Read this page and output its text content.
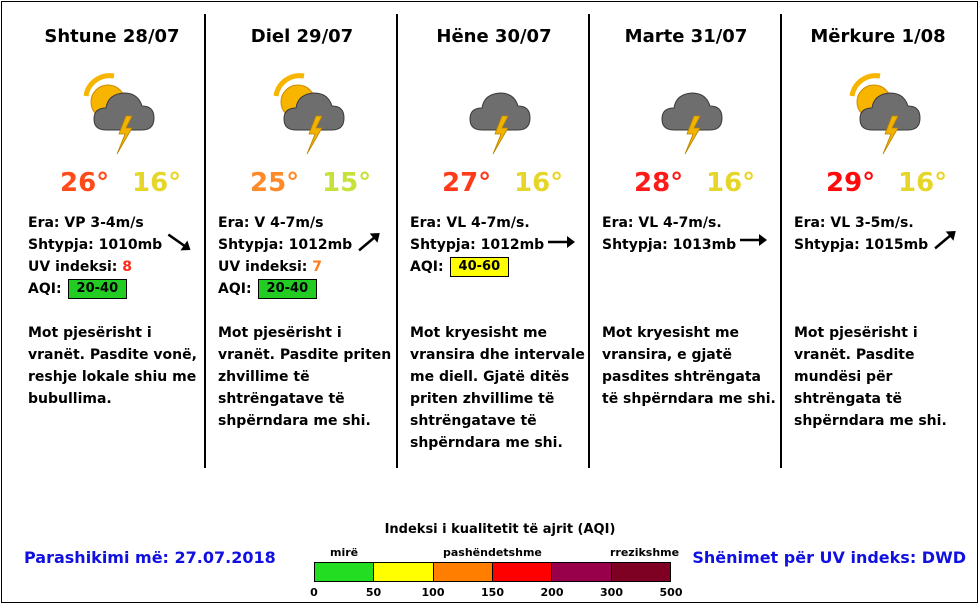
Shtune 28/07
26° 16°
Era: VP 3-4m/s
Shtypja: 1010mb
UV indeksi: 8
AQI: 20-40
Mot pjesërisht i vranët. Pasdite vonë, reshje lokale shiu me bubullima.
Diel 29/07
25° 15°
Era: V 4-7m/s
Shtypja: 1012mb
UV indeksi: 7
AQI: 20-40
Mot pjesërisht i vranët. Pasdite priten zhvillime të shtrëngatave të shpërndara me shi.
Hëne 30/07
27° 16°
Era: VL 4-7m/s.
Shtypja: 1012mb
AQI: 40-60
Mot kryesisht me vransira dhe intervale me diell. Gjatë ditës priten zhvillime të shtrëngatave të shpërndara me shi.
Marte 31/07
28° 16°
Era: VL 4-7m/s.
Shtypja: 1013mb
Mot kryesisht me vransira, e gjatë pasdites shtrëngata të shpërndara me shi.
Mërkure 1/08
29° 16°
Era: VL 3-5m/s.
Shtypja: 1015mb
Mot pjesërisht i vranët. Pasdite mundësi për shtrëngata të shpërndara me shi.
Parashikimi më: 27.07.2018	Shënimet për UV indeks: DWD
Indeksi i kualitetit të ajrit (AQI)
mirë	pashëndetshme	rrezikshme
0	50	100	150	200	300	500
